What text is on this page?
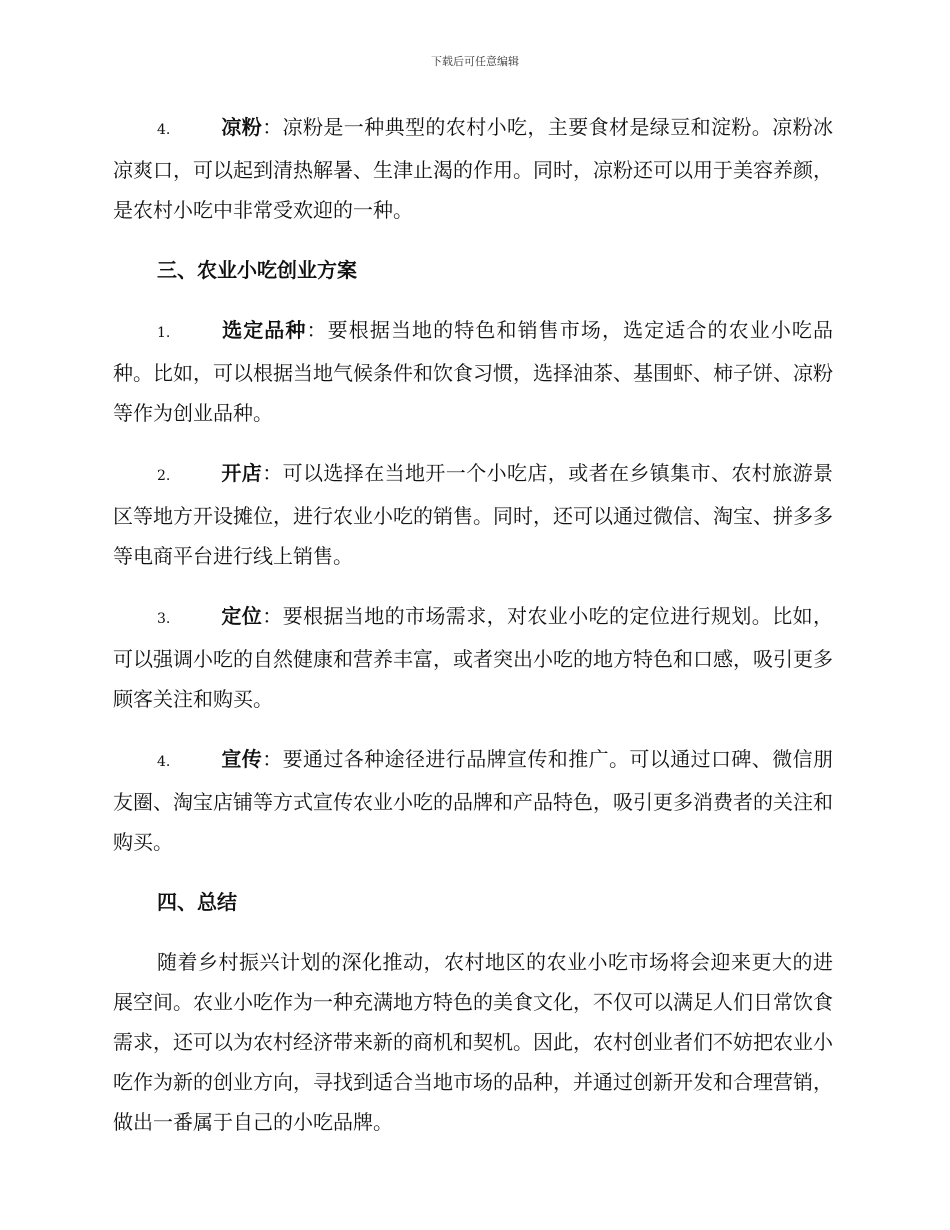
下载后可任意编辑

4.	凉粉：凉粉是一种典型的农村小吃，主要食材是绿豆和淀粉。凉粉冰凉爽口，可以起到清热解暑、生津止渴的作用。同时，凉粉还可以用于美容养颜，是农村小吃中非常受欢迎的一种。

三、农业小吃创业方案

1.	选定品种：要根据当地的特色和销售市场，选定适合的农业小吃品种。比如，可以根据当地气候条件和饮食习惯，选择油茶、基围虾、柿子饼、凉粉等作为创业品种。

2.	开店：可以选择在当地开一个小吃店，或者在乡镇集市、农村旅游景区等地方开设摊位，进行农业小吃的销售。同时，还可以通过微信、淘宝、拼多多等电商平台进行线上销售。

3.	定位：要根据当地的市场需求，对农业小吃的定位进行规划。比如，可以强调小吃的自然健康和营养丰富，或者突出小吃的地方特色和口感，吸引更多顾客关注和购买。

4.	宣传：要通过各种途径进行品牌宣传和推广。可以通过口碑、微信朋友圈、淘宝店铺等方式宣传农业小吃的品牌和产品特色，吸引更多消费者的关注和购买。

四、总结

随着乡村振兴计划的深化推动，农村地区的农业小吃市场将会迎来更大的进展空间。农业小吃作为一种充满地方特色的美食文化，不仅可以满足人们日常饮食需求，还可以为农村经济带来新的商机和契机。因此，农村创业者们不妨把农业小吃作为新的创业方向，寻找到适合当地市场的品种，并通过创新开发和合理营销，做出一番属于自己的小吃品牌。
